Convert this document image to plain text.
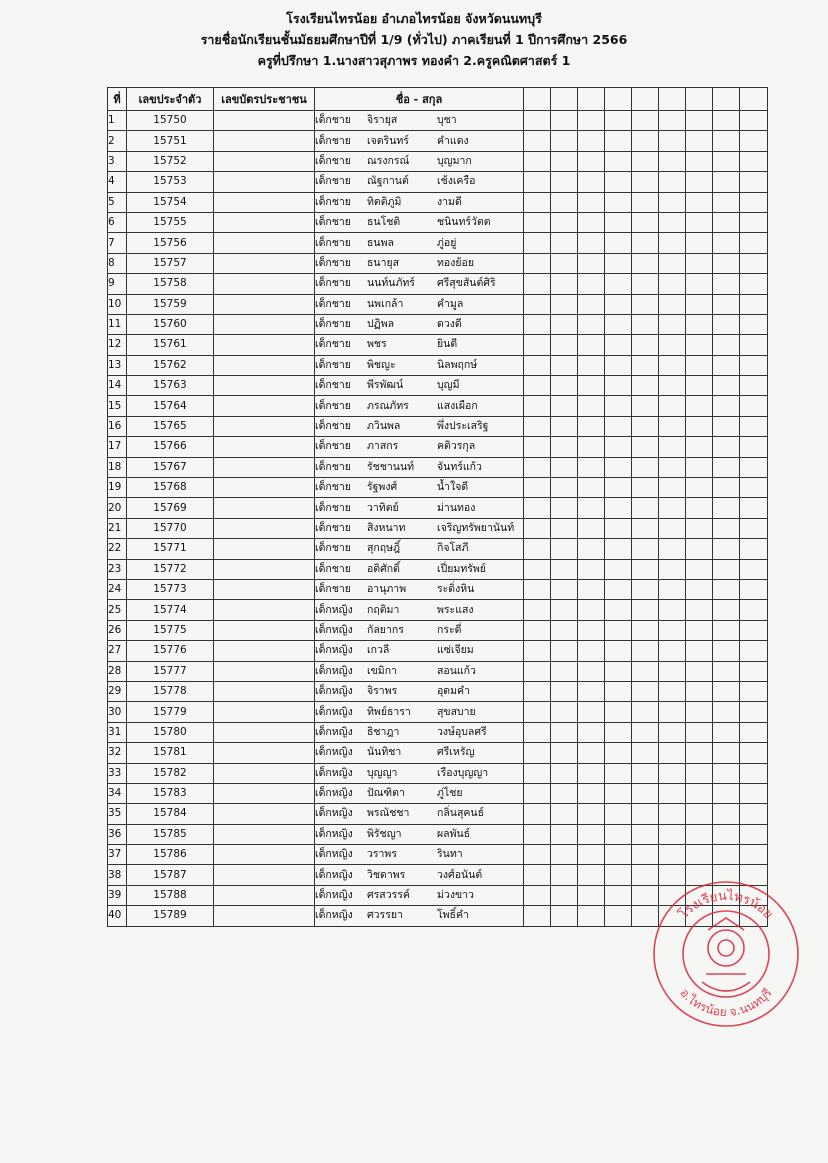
โรงเรียนไทรน้อย อำเภอไทรน้อย จังหวัดนนทบุรี
รายชื่อนักเรียนชั้นมัธยมศึกษาปีที่ 1/9 (ทั่วไป) ภาคเรียนที่ 1 ปีการศึกษา 2566
ครูที่ปรึกษา 1.นางสาวสุภาพร ทองคำ 2.ครูคณิตศาสตร์ 1
ที่	เลขประจำตัว	เลขบัตรประชาชน	ชื่อ - สกุล									
1	15750		เด็กชาย จิรายุส บุชา									
2	15751		เด็กชาย เจตรินทร์ คำแดง									
3	15752		เด็กชาย ณรงกรณ์ บุญมาก									
4	15753		เด็กชาย ณัฐกานต์ เช้งเครือ									
5	15754		เด็กชาย ทิตติภูมิ งามดี									
6	15755		เด็กชาย ธนโชติ ชนินทร์วัตต									
7	15756		เด็กชาย ธนพล ภู่อยู่									
8	15757		เด็กชาย ธนายุส ทองย้อย									
9	15758		เด็กชาย นนท์นภัทร์ ศรีสุขสันต์ศิริ									
10	15759		เด็กชาย นพเกล้า คำมูล									
11	15760		เด็กชาย ปฏิพล ดวงดี									
12	15761		เด็กชาย พชร ยินดี									
13	15762		เด็กชาย พิชญะ นิลพฤกษ์									
14	15763		เด็กชาย พีรพัฒน์ บุญมี									
15	15764		เด็กชาย ภรณภัทร แสงเผือก									
16	15765		เด็กชาย ภวินพล พึ่งประเสริฐ									
17	15766		เด็กชาย ภาสกร คติวรกุล									
18	15767		เด็กชาย รัชชานนท์ จันทร์แก้ว									
19	15768		เด็กชาย รัฐพงศ์ น้ำใจดี									
20	15769		เด็กชาย วาทิตย์ ม่านทอง									
21	15770		เด็กชาย สิงหนาท เจริญทรัพยานันท์									
22	15771		เด็กชาย สุกฤษฎิ์ กิจโสภี									
23	15772		เด็กชาย อติศักดิ์ เปี่ยมทรัพย์									
24	15773		เด็กชาย อานุภาพ ระดิ่งหิน									
25	15774		เด็กหญิง กฤติมา พระแสง									
26	15775		เด็กหญิง กัลยากร กระดี่									
27	15776		เด็กหญิง เกวลี แซ่เจียม									
28	15777		เด็กหญิง เขมิกา สอนแก้ว									
29	15778		เด็กหญิง จิราพร อุดมคำ									
30	15779		เด็กหญิง ทิพย์ธารา สุขสบาย									
31	15780		เด็กหญิง ธิชาฎา วงษ์อุบลศรี									
32	15781		เด็กหญิง นันทิชา ศรีเหรัญ									
33	15782		เด็กหญิง บุญญา เรืองบุญญา									
34	15783		เด็กหญิง ปัณฑิตา ภู่ไชย									
35	15784		เด็กหญิง พรณัชชา กลิ่นสุคนธ์									
36	15785		เด็กหญิง พิรัชญา ผลพันธ์									
37	15786		เด็กหญิง วราพร รินทา									
38	15787		เด็กหญิง วิชดาพร วงศ์อนันต์									
39	15788		เด็กหญิง ศรสวรรค์ ม่วงขาว									
40	15789		เด็กหญิง ศวรรยา โพธิ์คำ										โรงเรียนไทรน้อย
อ.ไทรน้อย จ.นนทบุรี
